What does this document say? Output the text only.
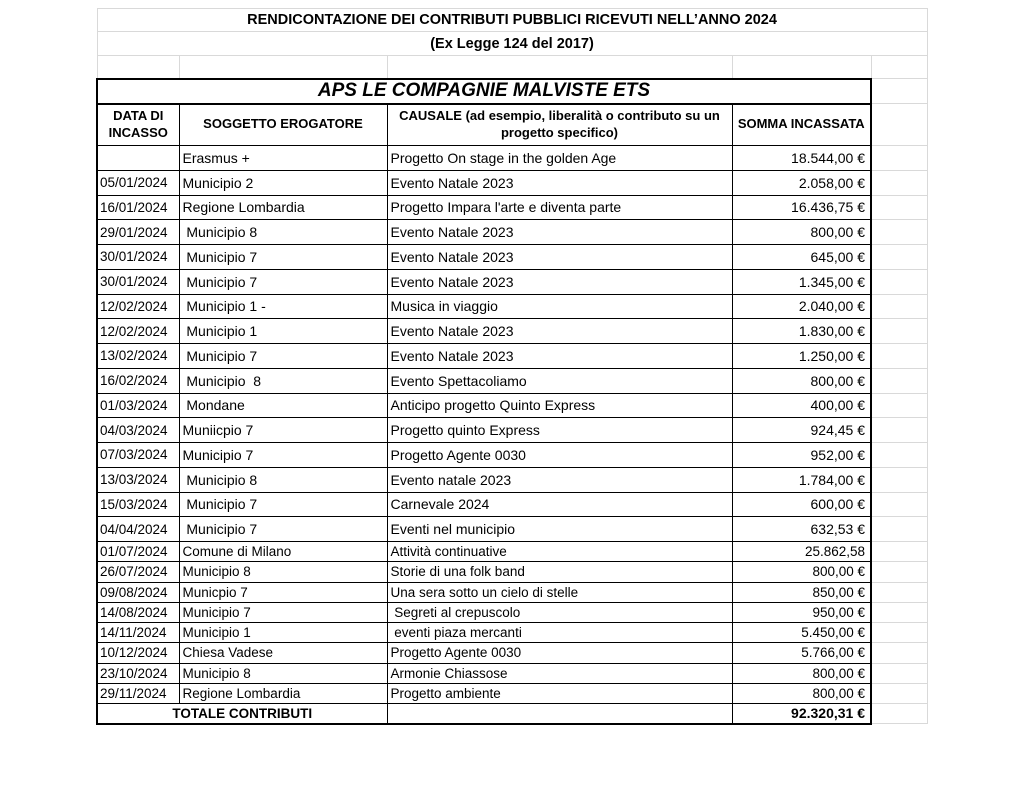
RENDICONTAZIONE DEI CONTRIBUTI PUBBLICI RICEVUTI NELL’ANNO 2024				
(Ex Legge 124 del 2017)				

APS LE COMPAGNIE MALVISTE ETS				
DATA DI INCASSO	SOGGETTO EROGATORE	CAUSALE (ad esempio, liberalità o contributo su un progetto specifico)	SOMMA INCASSATA	
	Erasmus +	Progetto On stage in the golden Age	18.544,00 €	
05/01/2024	Municipio 2	Evento Natale 2023	2.058,00 €	
16/01/2024	Regione Lombardia	Progetto Impara l'arte e diventa parte	16.436,75 €	
29/01/2024	Municipio 8	Evento Natale 2023	800,00 €	
30/01/2024	Municipio 7	Evento Natale 2023	645,00 €	
30/01/2024	Municipio 7	Evento Natale 2023	1.345,00 €	
12/02/2024	Municipio 1 -	Musica in viaggio	2.040,00 €	
12/02/2024	Municipio 1	Evento Natale 2023	1.830,00 €	
13/02/2024	Municipio 7	Evento Natale 2023	1.250,00 €	
16/02/2024	Municipio  8	Evento Spettacoliamo	800,00 €	
01/03/2024	Mondane	Anticipo progetto Quinto Express	400,00 €	
04/03/2024	Muniicpio 7	Progetto quinto Express	924,45 €	
07/03/2024	Municipio 7	Progetto Agente 0030	952,00 €	
13/03/2024	Municipio 8	Evento natale 2023	1.784,00 €	
15/03/2024	Municipio 7	Carnevale 2024	600,00 €	
04/04/2024	Municipio 7	Eventi nel municipio	632,53 €	
01/07/2024	Comune di Milano	Attività continuative	25.862,58	
26/07/2024	Municipio 8	Storie di una folk band	800,00 €	
09/08/2024	Municpio 7	Una sera sotto un cielo di stelle	850,00 €	
14/08/2024	Municipio 7	Segreti al crepuscolo	950,00 €	
14/11/2024	Municipio 1	eventi piaza mercanti	5.450,00 €	
10/12/2024	Chiesa Vadese	Progetto Agente 0030	5.766,00 €	
23/10/2024	Municipio 8	Armonie Chiassose	800,00 €	
29/11/2024	Regione Lombardia	Progetto ambiente	800,00 €	
TOTALE CONTRIBUTI			92.320,31 €	
